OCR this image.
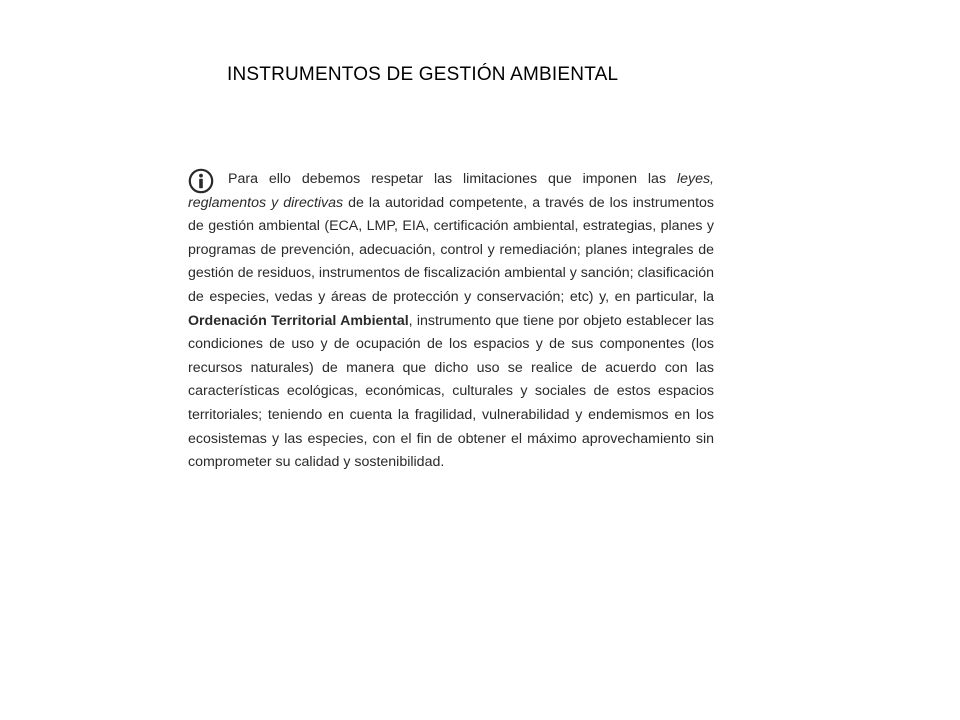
INSTRUMENTOS DE GESTIÓN AMBIENTAL

Para ello debemos respetar las limitaciones que imponen las leyes, reglamentos y directivas de la autoridad competente, a través de los instrumentos de gestión ambiental (ECA, LMP, EIA, certificación ambiental, estrategias, planes y programas de prevención, adecuación, control y remediación; planes integrales de gestión de residuos, instrumentos de fiscalización ambiental y sanción; clasificación de especies, vedas y áreas de protección y conservación; etc) y, en particular, la Ordenación Territorial Ambiental, instrumento que tiene por objeto establecer las condiciones de uso y de ocupación de los espacios y de sus componentes (los recursos naturales) de manera que dicho uso se realice de acuerdo con las características ecológicas, económicas, culturales y sociales de estos espacios territoriales; teniendo en cuenta la fragilidad, vulnerabilidad y endemismos en los ecosistemas y las especies, con el fin de obtener el máximo aprovechamiento sin comprometer su calidad y sostenibilidad.
